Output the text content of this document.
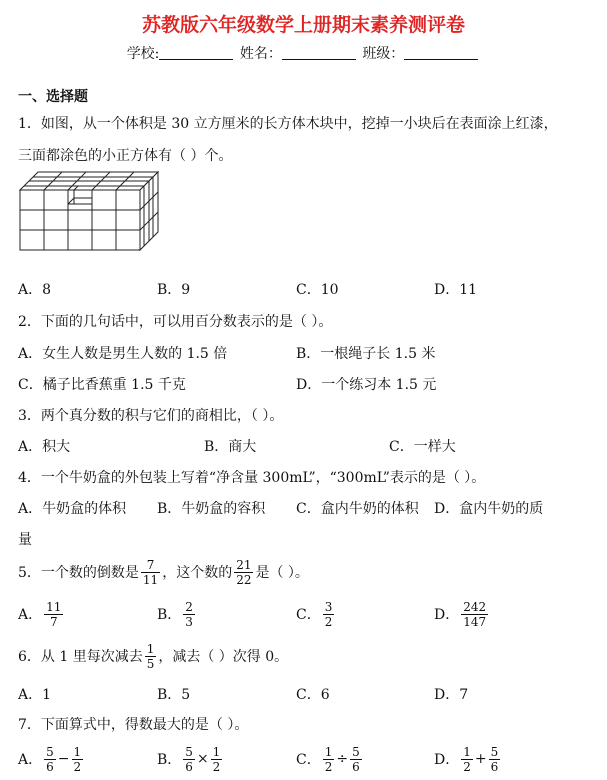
苏教版六年级数学上册期末素养测评卷
学校:	姓名：	班级：
一、选择题
1．如图，从一个体积是 30 立方厘米的长方体木块中，挖掉一小块后在表面涂上红漆，
三面都涂色的小正方体有（ ）个。
A．8	B．9	C．10	D．11
2．下面的几句话中，可以用百分数表示的是（ ）。
A．女生人数是男生人数的 1.5 倍	B．一根绳子长 1.5 米
C．橘子比香蕉重 1.5 千克	D．一个练习本 1.5 元
3．两个真分数的积与它们的商相比，（ ）。
A．积大	B．商大	C．一样大
4．一个牛奶盒的外包装上写着“净含量 300mL”，“300mL”表示的是（ ）。
A．牛奶盒的体积 B．牛奶盒的容积 C．盒内牛奶的体积 D．盒内牛奶的质
量
5．一个数的倒数是 $\frac{7}{11}$ ，这个数的 $\frac{21}{22}$ 是（ ）。
A． $\frac{11}{7}$	B． $\frac{2}{3}$	C． $\frac{3}{2}$	D． $\frac{242}{147}$
6．从 1 里每次减去 $\frac{1}{5}$ ，减去（ ）次得 0。
A．1	B．5	C．6	D．7
7．下面算式中，得数最大的是（ ）。
A． $\frac{5}{6} - \frac{1}{2}$	B． $\frac{5}{6} \times \frac{1}{2}$	C． $\frac{1}{2} \div \frac{5}{6}$	D． $\frac{1}{2} + \frac{5}{6}$
